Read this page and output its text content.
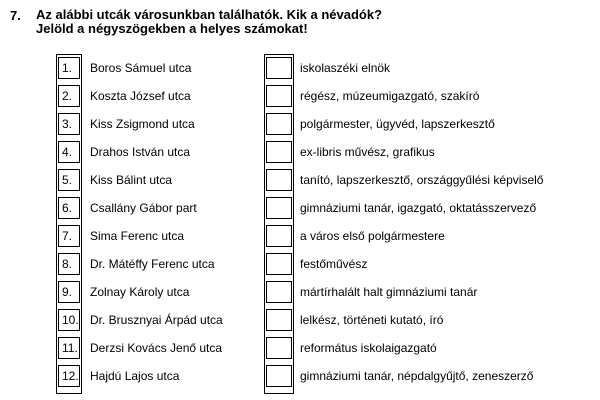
7. Az alábbi utcák városunkban találhatók. Kik a névadók?
Jelöld a négyszögekben a helyes számokat!
1.	Boros Sámuel utca	iskolaszéki elnök
2.	Koszta József utca	régész, múzeumigazgató, szakíró
3.	Kiss Zsigmond utca	polgármester, ügyvéd, lapszerkesztő
4.	Drahos István utca	ex-libris művész, grafikus
5.	Kiss Bálint utca	tanító, lapszerkesztő, országgyűlési képviselő
6.	Csallány Gábor part	gimnáziumi tanár, igazgató, oktatásszervező
7.	Sima Ferenc utca	a város első polgármestere
8.	Dr. Mátéffy Ferenc utca	festőművész
9.	Zolnay Károly utca	mártírhalált halt gimnáziumi tanár
10. Dr. Brusznyai Árpád utca	lelkész, történeti kutató, író
11. Derzsi Kovács Jenő utca	református iskolaigazgató
12. Hajdú Lajos utca	gimnáziumi tanár, népdalgyűjtő, zeneszerző
